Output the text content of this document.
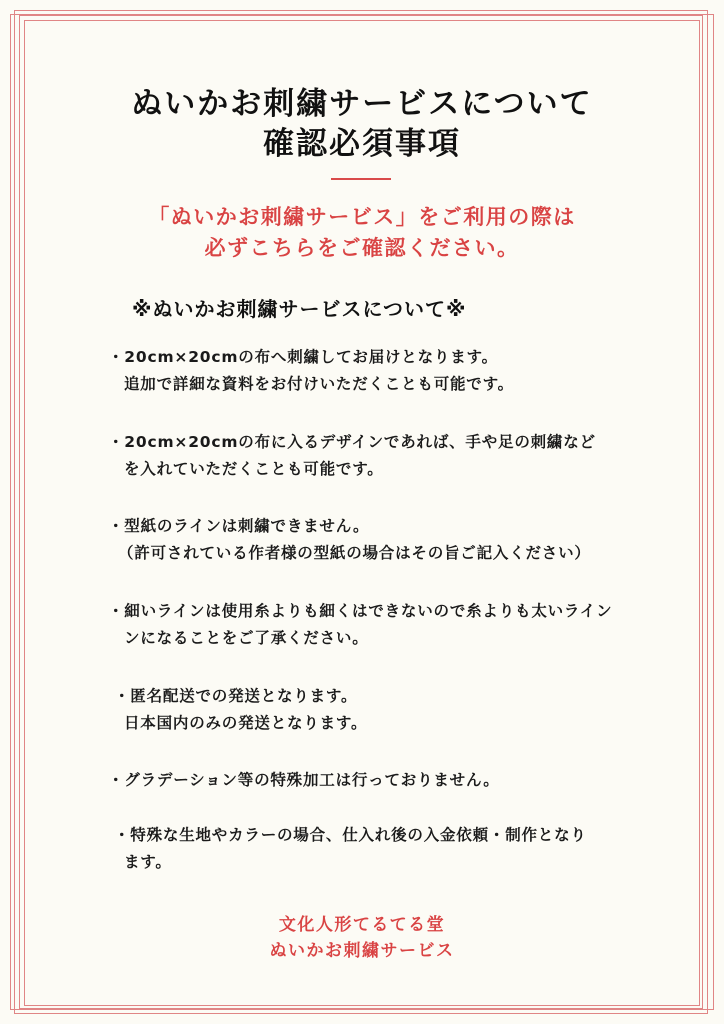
ぬいかお刺繍サービスについて
確認必須事項
「ぬいかお刺繍サービス」をご利用の際は
必ずこちらをご確認ください。
※ぬいかお刺繍サービスについて※
・20cm×20cmの布へ刺繍してお届けとなります。
追加で詳細な資料をお付けいただくことも可能です。
・20cm×20cmの布に入るデザインであれば、手や足の刺繍など
を入れていただくことも可能です。
・型紙のラインは刺繍できません。
（許可されている作者様の型紙の場合はその旨ご記入ください）
・細いラインは使用糸よりも細くはできないので糸よりも太いライン
ンになることをご了承ください。
・匿名配送での発送となります。
日本国内のみの発送となります。
・グラデーション等の特殊加工は行っておりません。
・特殊な生地やカラーの場合、仕入れ後の入金依頼・制作となり
ます。
文化人形てるてる堂
ぬいかお刺繍サービス
